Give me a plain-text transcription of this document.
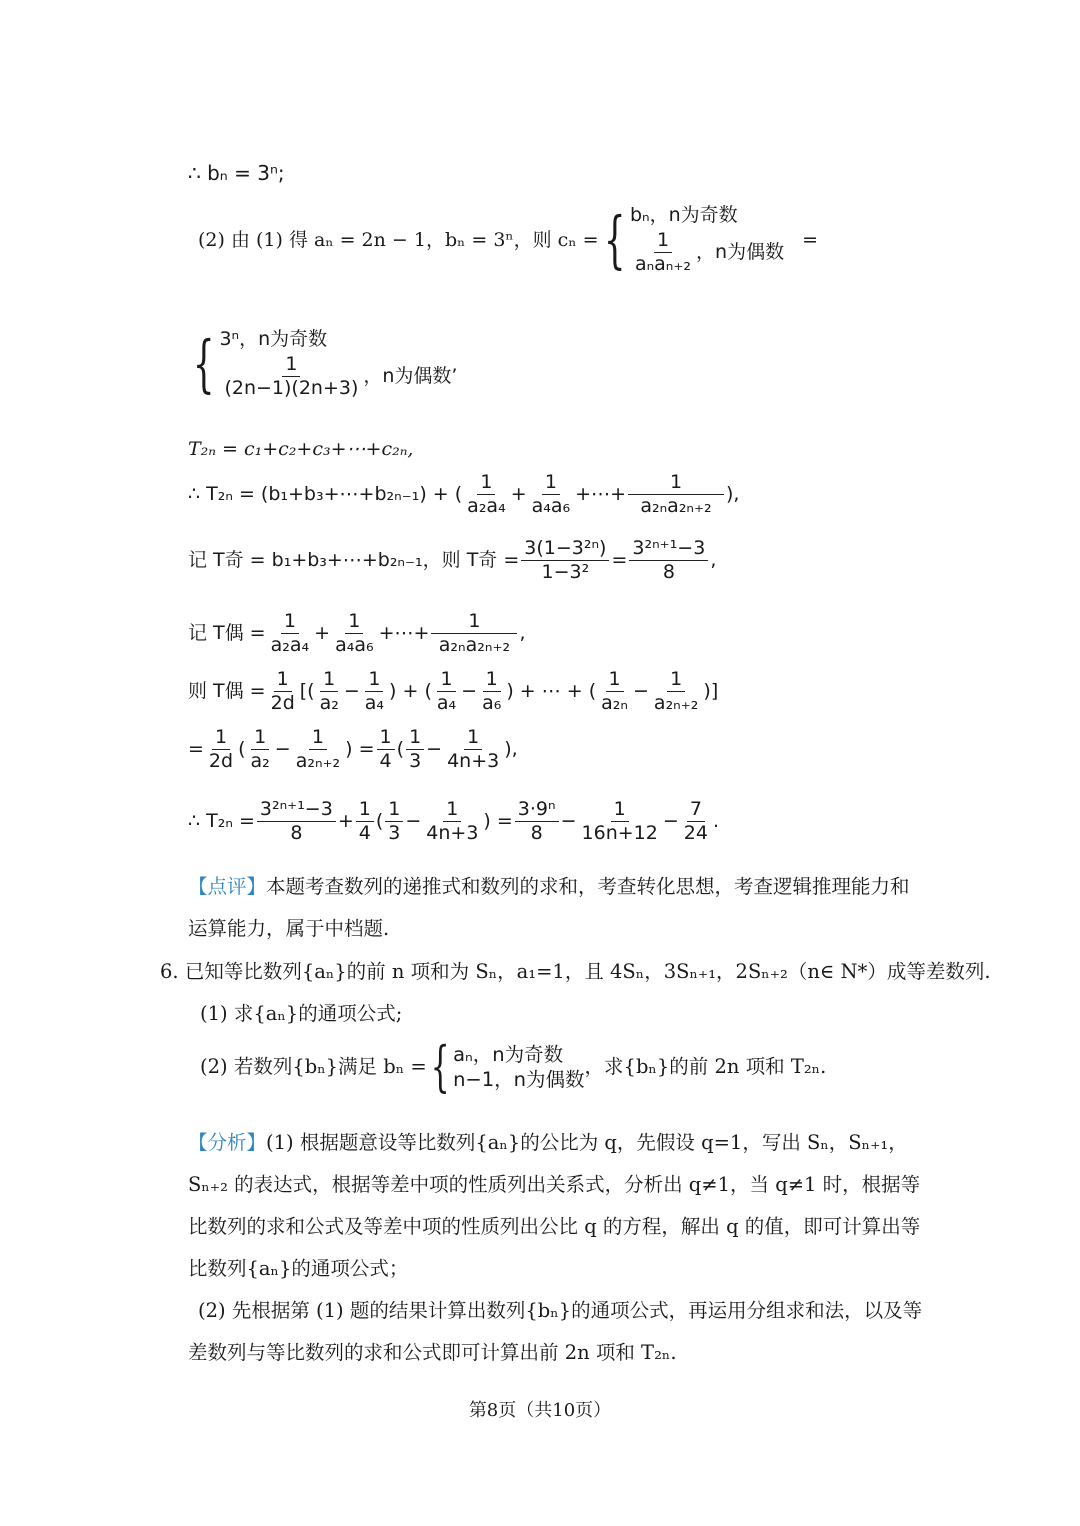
∴ bₙ = 3ⁿ;
(2) 由 (1) 得 aₙ = 2n − 1，bₙ = 3ⁿ，则 cₙ = { bₙ，n为奇数
$\frac{1}{\text{aₙaₙ₊₂}}$ ，n为偶数
=
{ 3ⁿ，n为奇数
$\frac{1}{(2n-1)(2n+3)}$ ，n为偶数’
T₂ₙ = c₁+c₂+c₃+⋯+c₂ₙ,
∴ T₂ₙ = (b₁+b₃+⋯+b₂ₙ₋₁) + ( $\frac{1}{\text{a₂a₄}} + \frac{1}{\text{a₄a₆}}$ +⋯+ $\frac{1}{\text{a₂ₙa₂ₙ₊₂}}$ ),
记 T奇 = b₁+b₃+⋯+b₂ₙ₋₁，则 T奇 = $\frac{\text{3(1−3²ⁿ)}}{\text{1−3²}} = \frac{\text{3²ⁿ⁺¹−3}}{8}$ ,
记 T偶 = $\frac{1}{\text{a₂a₄}} + \frac{1}{\text{a₄a₆}}$ +⋯+ $\frac{1}{\text{a₂ₙa₂ₙ₊₂}}$ ,
则 T偶 = $\frac{1}{2d}$ [( $\frac{1}{\text{a₂}} - \frac{1}{\text{a₄}}$ ) + ( $\frac{1}{\text{a₄}} - \frac{1}{\text{a₆}}$ ) + ⋯ + ( $\frac{1}{\text{a₂ₙ}} - \frac{1}{\text{a₂ₙ₊₂}}$ )]
= $\frac{1}{2d}$ ( $\frac{1}{\text{a₂}} - \frac{1}{\text{a₂ₙ₊₂}}$ ) = $\frac{1}{4}$ ( $\frac{1}{3} - \frac{1}{4n+3}$ ),
∴ $T_{2n} = \frac{\text{3²ⁿ⁺¹−3}}{8} + \frac{1}{4}$ ( $\frac{1}{3} - \frac{1}{4n+3}$ ) = $\frac{\text{3·9ⁿ}}{8} - \frac{1}{16n+12} - \frac{7}{24}$ .
【点评】本题考查数列的递推式和数列的求和，考查转化思想，考查逻辑推理能力和运算能力，属于中档题.
6. 已知等比数列{aₙ}的前 n 项和为 Sₙ，a₁=1，且 4Sₙ，3Sₙ₊₁，2Sₙ₊₂（n∈ N*）成等差数列.
(1) 求{aₙ}的通项公式;
(2) 若数列{bₙ}满足 bₙ = { aₙ，n为奇数
n−1，n为偶数
，求{bₙ}的前 2n 项和 T₂ₙ.
【分析】(1) 根据题意设等比数列{aₙ}的公比为 q，先假设 q=1，写出 Sₙ，Sₙ₊₁，Sₙ₊₂ 的表达式，根据等差中项的性质列出关系式，分析出 q≠1，当 q≠1 时，根据等比数列的求和公式及等差中项的性质列出公比 q 的方程，解出 q 的值，即可计算出等比数列{aₙ}的通项公式；
(2) 先根据第 (1) 题的结果计算出数列{bₙ}的通项公式，再运用分组求和法，以及等差数列与等比数列的求和公式即可计算出前 2n 项和 T₂ₙ.
第8页（共10页）
